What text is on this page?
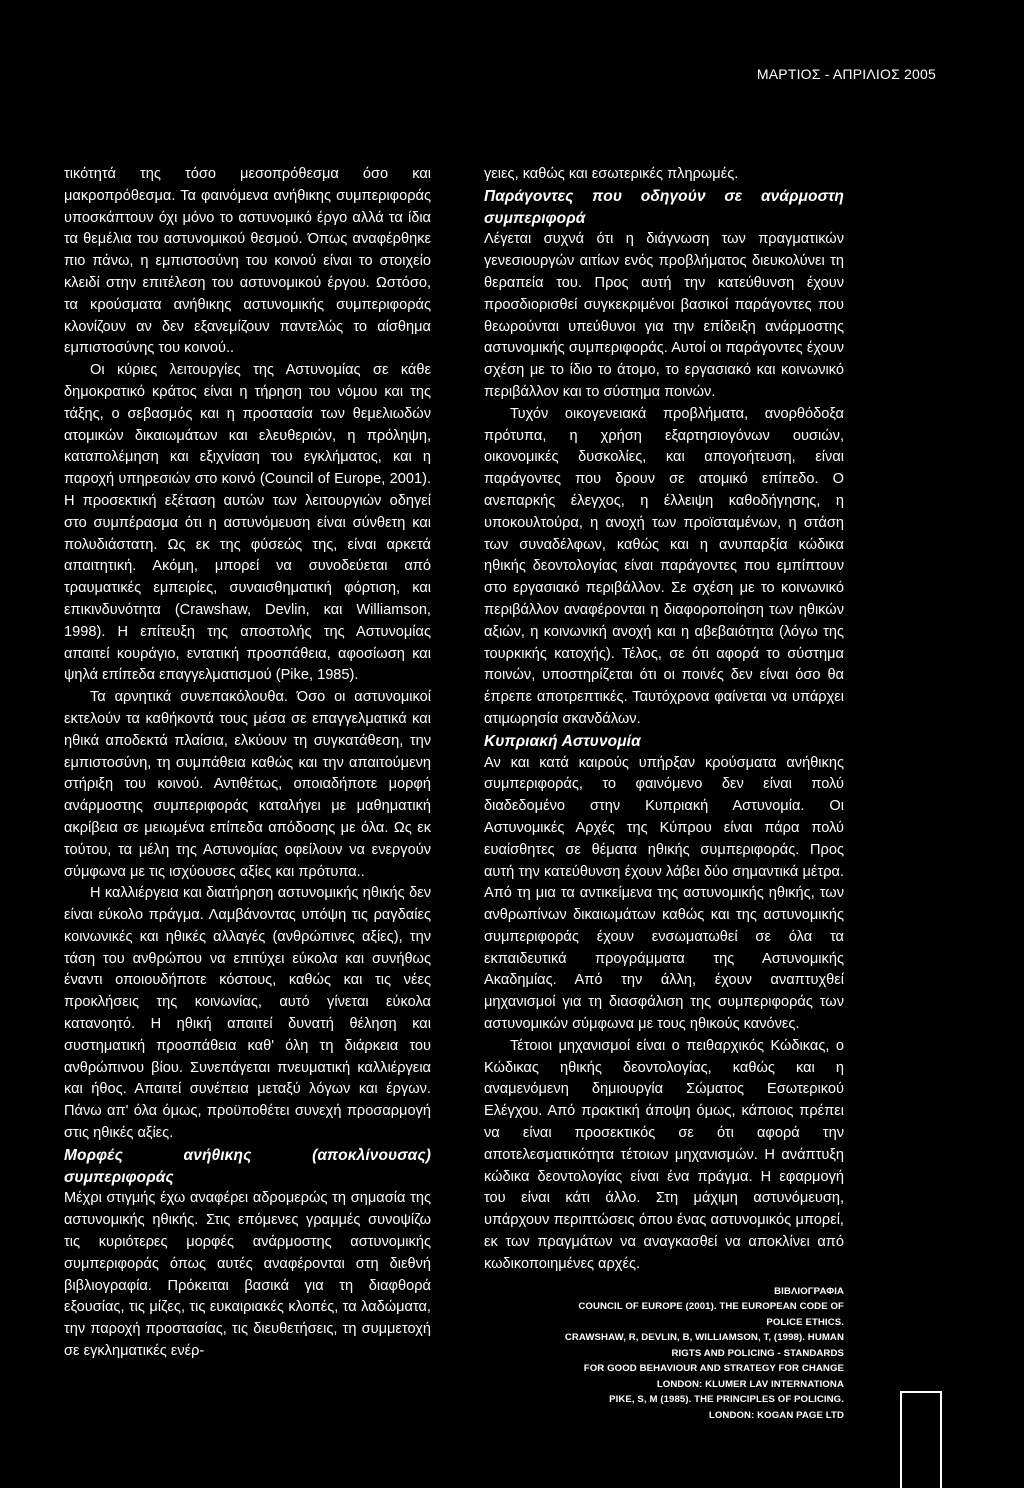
ΜΑΡΤΙΟΣ - ΑΠΡΙΛΙΟΣ 2005

τικότητά της τόσο μεσοπρόθεσμα όσο και μακροπρόθεσμα. Τα φαινόμενα ανήθικης συμπεριφοράς υποσκάπτουν όχι μόνο το αστυνομικό έργο αλλά τα ίδια τα θεμέλια του αστυνομικού θεσμού. Όπως αναφέρθηκε πιο πάνω, η εμπιστοσύνη του κοινού είναι το στοιχείο κλειδί στην επιτέλεση του αστυνομικού έργου. Ωστόσο, τα κρούσματα ανήθικης αστυνομικής συμπεριφοράς κλονίζουν αν δεν εξανεμίζουν παντελώς το αίσθημα εμπιστοσύνης του κοινού..

Οι κύριες λειτουργίες της Αστυνομίας σε κάθε δημοκρατικό κράτος είναι η τήρηση του νόμου και της τάξης, ο σεβασμός και η προστασία των θεμελιωδών ατομικών δικαιωμάτων και ελευθεριών, η πρόληψη, καταπολέμηση και εξιχνίαση του εγκλήματος, και η παροχή υπηρεσιών στο κοινό (Council of Europe, 2001). Η προσεκτική εξέταση αυτών των λειτουργιών οδηγεί στο συμπέρασμα ότι η αστυνόμευση είναι σύνθετη και πολυδιάστατη. Ως εκ της φύσεώς της, είναι αρκετά απαιτητική. Ακόμη, μπορεί να συνοδεύεται από τραυματικές εμπειρίες, συναισθηματική φόρτιση, και επικινδυνότητα (Crawshaw, Devlin, και Williamson, 1998). Η επίτευξη της αποστολής της Αστυνομίας απαιτεί κουράγιο, εντατική προσπάθεια, αφοσίωση και ψηλά επίπεδα επαγγελματισμού (Pike, 1985).

Τα αρνητικά συνεπακόλουθα. Όσο οι αστυνομικοί εκτελούν τα καθήκοντά τους μέσα σε επαγγελματικά και ηθικά αποδεκτά πλαίσια, ελκύουν τη συγκατάθεση, την εμπιστοσύνη, τη συμπάθεια καθώς και την απαιτούμενη στήριξη του κοινού. Αντιθέτως, οποιαδήποτε μορφή ανάρμοστης συμπεριφοράς καταλήγει με μαθηματική ακρίβεια σε μειωμένα επίπεδα απόδοσης με όλα. Ως εκ τούτου, τα μέλη της Αστυνομίας οφείλουν να ενεργούν σύμφωνα με τις ισχύουσες αξίες και πρότυπα..

Η καλλιέργεια και διατήρηση αστυνομικής ηθικής δεν είναι εύκολο πράγμα. Λαμβάνοντας υπόψη τις ραγδαίες κοινωνικές και ηθικές αλλαγές (ανθρώπινες αξίες), την τάση του ανθρώπου να επιτύχει εύκολα και συνήθως έναντι οποιουδήποτε κόστους, καθώς και τις νέες προκλήσεις της κοινωνίας, αυτό γίνεται εύκολα κατανοητό. Η ηθική απαιτεί δυνατή θέληση και συστηματική προσπάθεια καθ' όλη τη διάρκεια του ανθρώπινου βίου. Συνεπάγεται πνευματική καλλιέργεια και ήθος. Απαιτεί συνέπεια μεταξύ λόγων και έργων. Πάνω απ' όλα όμως, προϋποθέτει συνεχή προσαρμογή στις ηθικές αξίες.

Μορφές ανήθικης (αποκλίνουσας) συμπεριφοράς

Μέχρι στιγμής έχω αναφέρει αδρομερώς τη σημασία της αστυνομικής ηθικής. Στις επόμενες γραμμές συνοψίζω τις κυριότερες μορφές ανάρμοστης αστυνομικής συμπεριφοράς όπως αυτές αναφέρονται στη διεθνή βιβλιογραφία. Πρόκειται βασικά για τη διαφθορά εξουσίας, τις μίζες, τις ευκαιριακές κλοπές, τα λαδώματα, την παροχή προστασίας, τις διευθετήσεις, τη συμμετοχή σε εγκληματικές ενέρ-

γειες, καθώς και εσωτερικές πληρωμές.

Παράγοντες που οδηγούν σε ανάρμοστη συμπεριφορά

Λέγεται συχνά ότι η διάγνωση των πραγματικών γενεσιουργών αιτίων ενός προβλήματος διευκολύνει τη θεραπεία του. Προς αυτή την κατεύθυνση έχουν προσδιορισθεί συγκεκριμένοι βασικοί παράγοντες που θεωρούνται υπεύθυνοι για την επίδειξη ανάρμοστης αστυνομικής συμπεριφοράς. Αυτοί οι παράγοντες έχουν σχέση με το ίδιο το άτομο, το εργασιακό και κοινωνικό περιβάλλον και το σύστημα ποινών.

Τυχόν οικογενειακά προβλήματα, ανορθόδοξα πρότυπα, η χρήση εξαρτησιογόνων ουσιών, οικονομικές δυσκολίες, και απογοήτευση, είναι παράγοντες που δρουν σε ατομικό επίπεδο. Ο ανεπαρκής έλεγχος, η έλλειψη καθοδήγησης, η υποκουλτούρα, η ανοχή των προϊσταμένων, η στάση των συναδέλφων, καθώς και η ανυπαρξία κώδικα ηθικής δεοντολογίας είναι παράγοντες που εμπίπτουν στο εργασιακό περιβάλλον. Σε σχέση με το κοινωνικό περιβάλλον αναφέρονται η διαφοροποίηση των ηθικών αξιών, η κοινωνική ανοχή και η αβεβαιότητα (λόγω της τουρκικής κατοχής). Τέλος, σε ότι αφορά το σύστημα ποινών, υποστηρίζεται ότι οι ποινές δεν είναι όσο θα έπρεπε αποτρεπτικές. Ταυτόχρονα φαίνεται να υπάρχει ατιμωρησία σκανδάλων.

Κυπριακή Αστυνομία

Αν και κατά καιρούς υπήρξαν κρούσματα ανήθικης συμπεριφοράς, το φαινόμενο δεν είναι πολύ διαδεδομένο στην Κυπριακή Αστυνομία. Οι Αστυνομικές Αρχές της Κύπρου είναι πάρα πολύ ευαίσθητες σε θέματα ηθικής συμπεριφοράς. Προς αυτή την κατεύθυνση έχουν λάβει δύο σημαντικά μέτρα. Από τη μια τα αντικείμενα της αστυνομικής ηθικής, των ανθρωπίνων δικαιωμάτων καθώς και της αστυνομικής συμπεριφοράς έχουν ενσωματωθεί σε όλα τα εκπαιδευτικά προγράμματα της Αστυνομικής Ακαδημίας. Από την άλλη, έχουν αναπτυχθεί μηχανισμοί για τη διασφάλιση της συμπεριφοράς των αστυνομικών σύμφωνα με τους ηθικούς κανόνες.

Τέτοιοι μηχανισμοί είναι ο πειθαρχικός Κώδικας, ο Κώδικας ηθικής δεοντολογίας, καθώς και η αναμενόμενη δημιουργία Σώματος Εσωτερικού Ελέγχου. Από πρακτική άποψη όμως, κάποιος πρέπει να είναι προσεκτικός σε ότι αφορά την αποτελεσματικότητα τέτοιων μηχανισμών. Η ανάπτυξη κώδικα δεοντολογίας είναι ένα πράγμα. Η εφαρμογή του είναι κάτι άλλο. Στη μάχιμη αστυνόμευση, υπάρχουν περιπτώσεις όπου ένας αστυνομικός μπορεί, εκ των πραγμάτων να αναγκασθεί να αποκλίνει από κωδικοποιημένες αρχές.

ΒΙΒΛΙΟΓΡΑΦΙΑ
COUNCIL OF EUROPE (2001). THE EUROPEAN CODE OF
POLICE ETHICS.
CRAWSHAW, R, DEVLIN, B, WILLIAMSON, T, (1998). HUMAN
RIGTS AND POLICING - STANDARDS
FOR GOOD BEHAVIOUR AND STRATEGY FOR CHANGE
LONDON: KLUMER LAV INTERNATIONA
PIKE, S, M (1985). THE PRINCIPLES OF POLICING.
LONDON: KOGAN PAGE LTD
